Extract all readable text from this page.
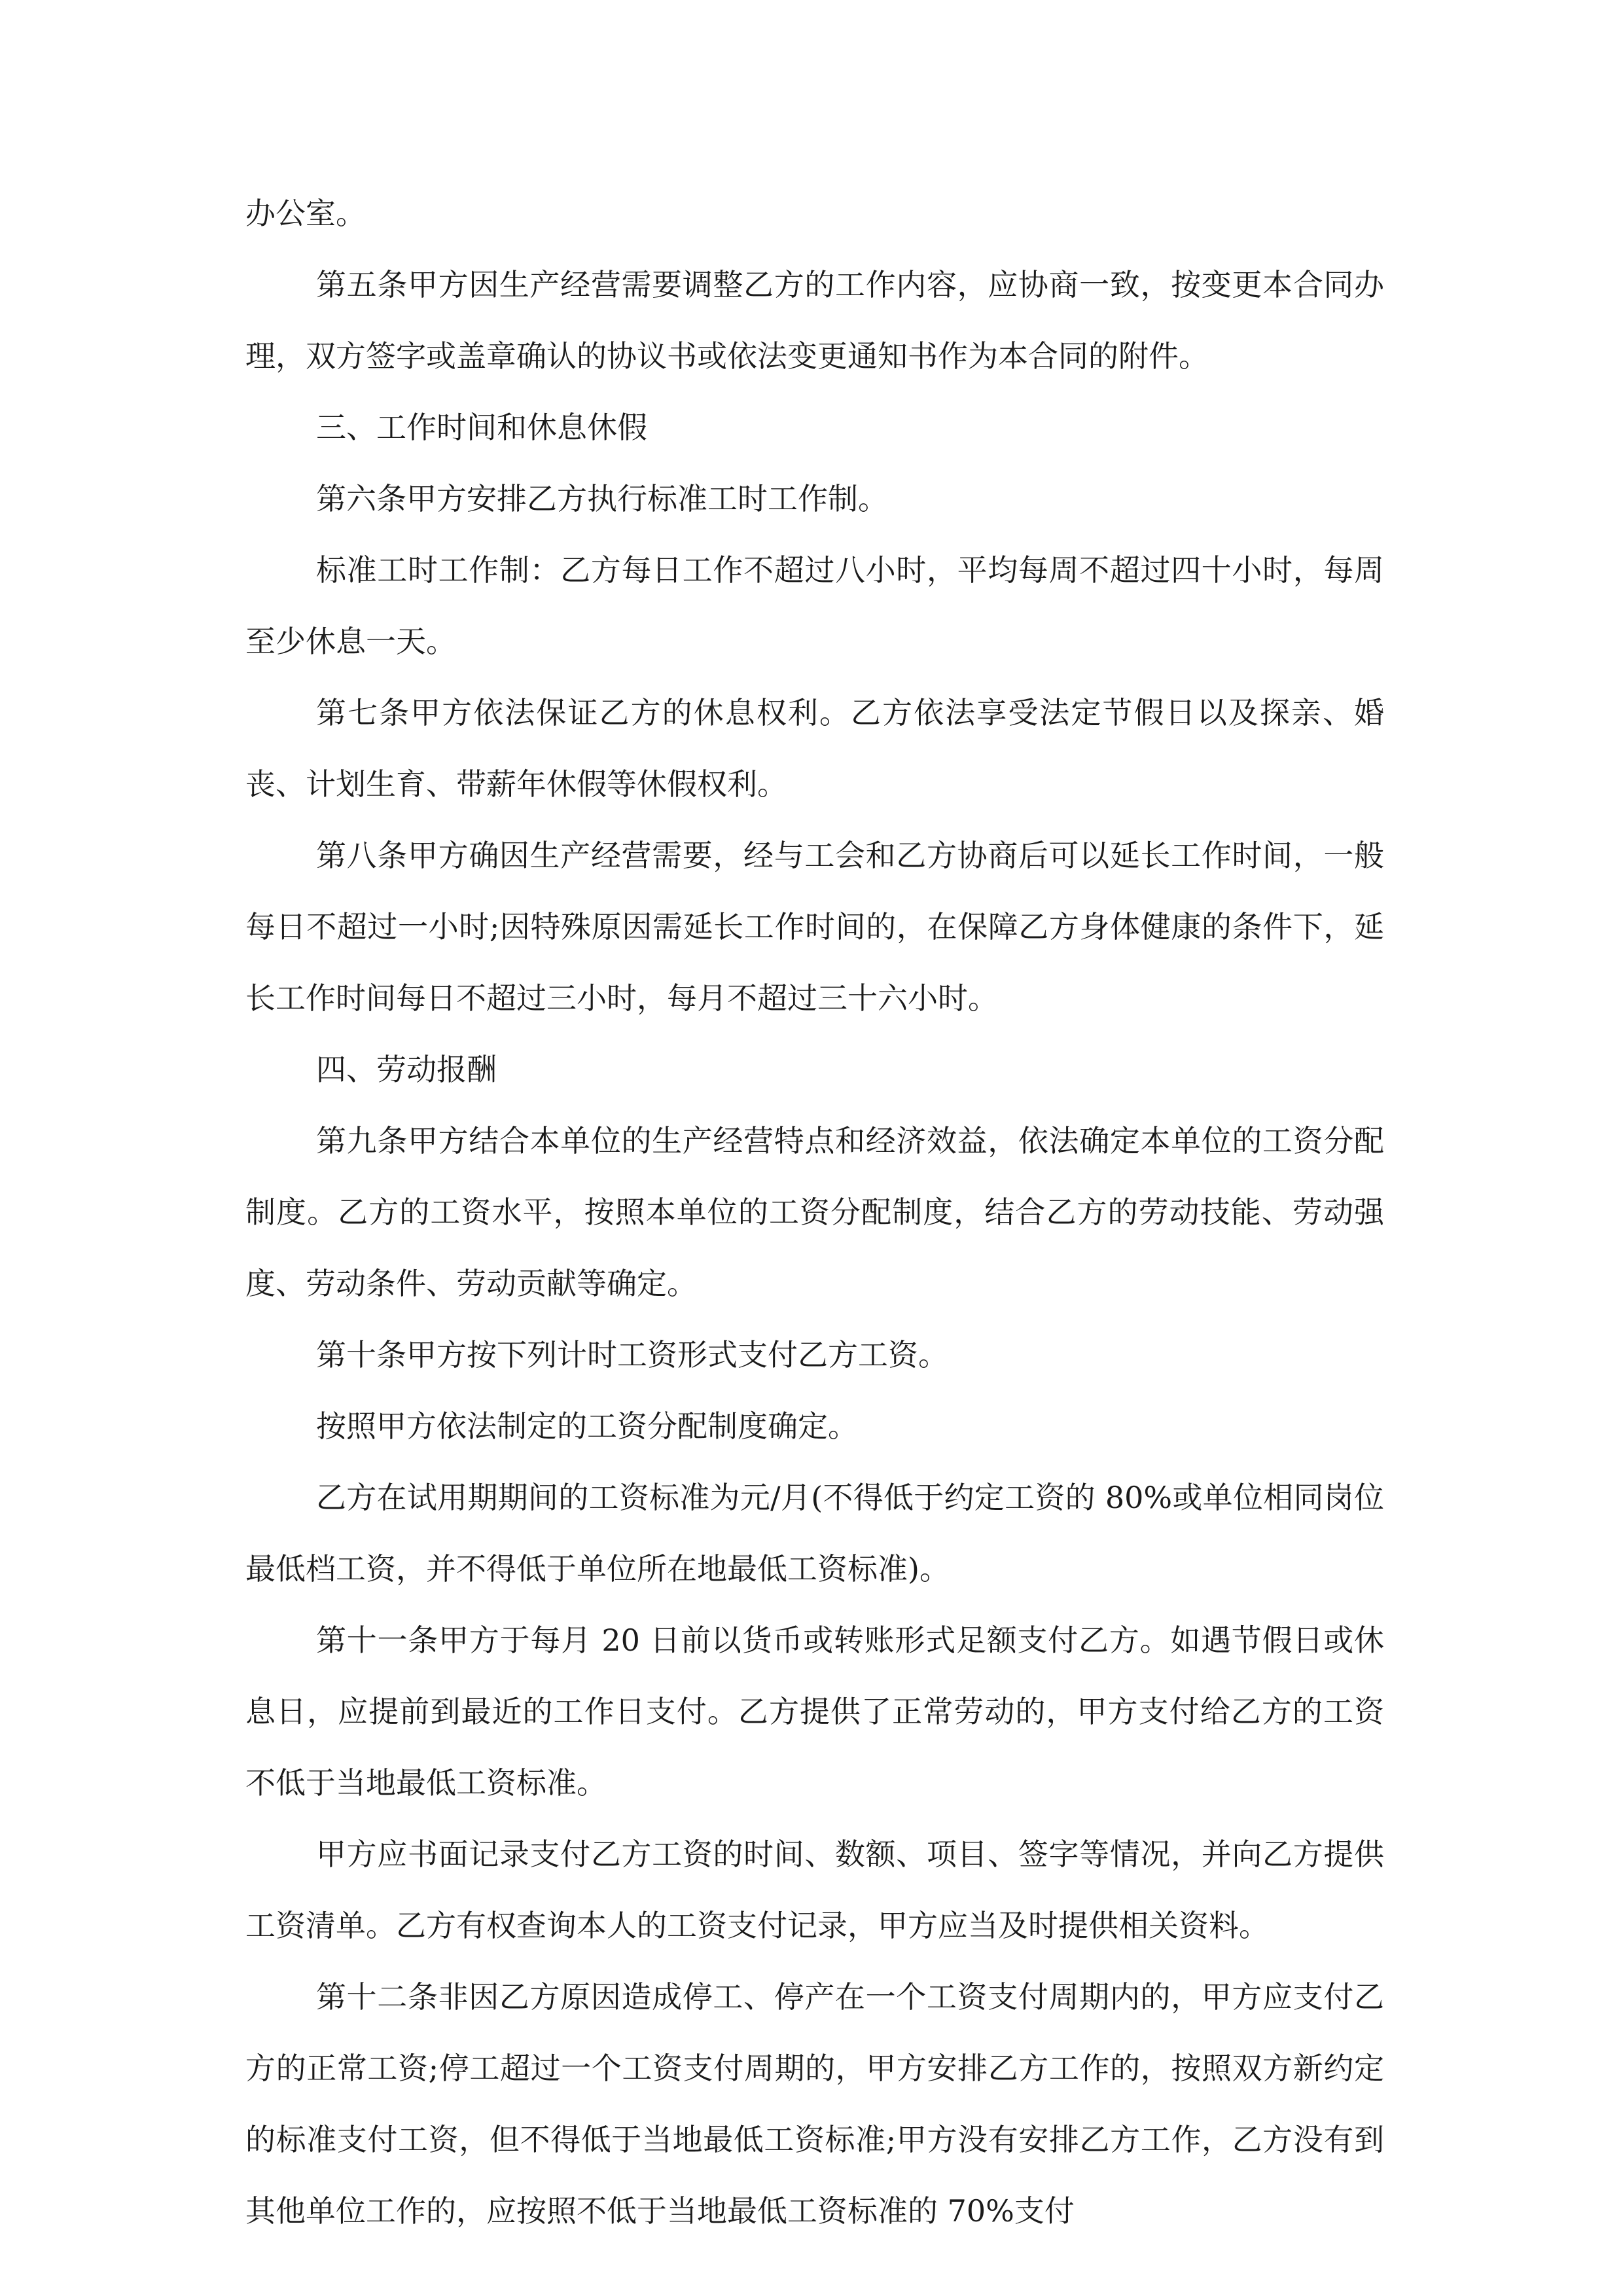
办公室。

第五条甲方因生产经营需要调整乙方的工作内容，应协商一致，按变更本合同办理，双方签字或盖章确认的协议书或依法变更通知书作为本合同的附件。

三、工作时间和休息休假

第六条甲方安排乙方执行标准工时工作制。

标准工时工作制：乙方每日工作不超过八小时，平均每周不超过四十小时，每周至少休息一天。

第七条甲方依法保证乙方的休息权利。乙方依法享受法定节假日以及探亲、婚丧、计划生育、带薪年休假等休假权利。

第八条甲方确因生产经营需要，经与工会和乙方协商后可以延长工作时间，一般每日不超过一小时;因特殊原因需延长工作时间的，在保障乙方身体健康的条件下，延长工作时间每日不超过三小时，每月不超过三十六小时。

四、劳动报酬

第九条甲方结合本单位的生产经营特点和经济效益，依法确定本单位的工资分配制度。乙方的工资水平，按照本单位的工资分配制度，结合乙方的劳动技能、劳动强度、劳动条件、劳动贡献等确定。

第十条甲方按下列计时工资形式支付乙方工资。

按照甲方依法制定的工资分配制度确定。

乙方在试用期期间的工资标准为元/月(不得低于约定工资的 80%或单位相同岗位最低档工资，并不得低于单位所在地最低工资标准)。

第十一条甲方于每月 20 日前以货币或转账形式足额支付乙方。如遇节假日或休息日，应提前到最近的工作日支付。乙方提供了正常劳动的，甲方支付给乙方的工资不低于当地最低工资标准。

甲方应书面记录支付乙方工资的时间、数额、项目、签字等情况，并向乙方提供工资清单。乙方有权查询本人的工资支付记录，甲方应当及时提供相关资料。

第十二条非因乙方原因造成停工、停产在一个工资支付周期内的，甲方应支付乙方的正常工资;停工超过一个工资支付周期的，甲方安排乙方工作的，按照双方新约定的标准支付工资，但不得低于当地最低工资标准;甲方没有安排乙方工作，乙方没有到其他单位工作的，应按照不低于当地最低工资标准的 70%支付
